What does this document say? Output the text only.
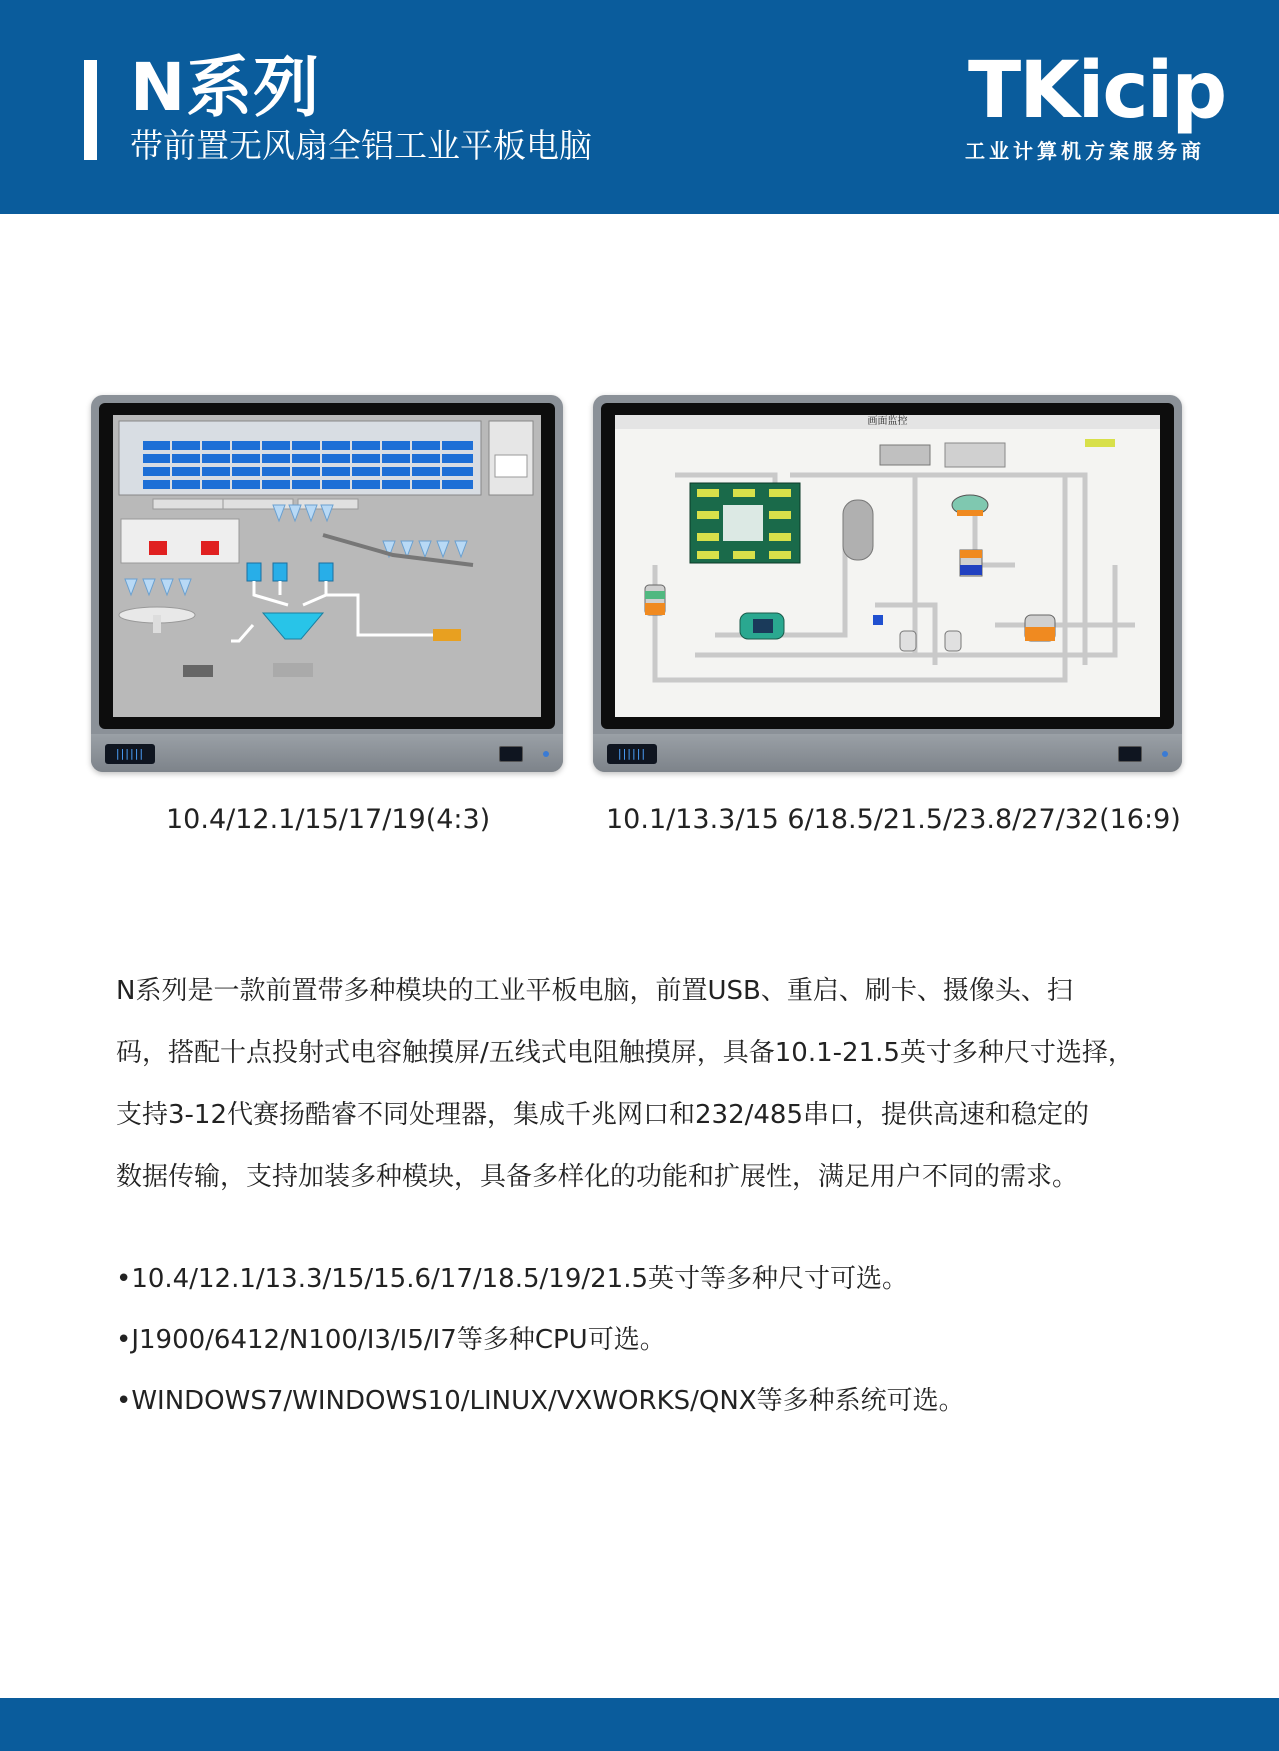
N系列
带前置无风扇全铝工业平板电脑
TKicip
工业计算机方案服务商
||||||
画面监控
||||||
10.4/12.1/15/17/19(4:3)	10.1/13.3/15 6/18.5/21.5/23.8/27/32(16:9)

N系列是一款前置带多种模块的工业平板电脑，前置USB、重启、刷卡、摄像头、扫

码，搭配十点投射式电容触摸屏/五线式电阻触摸屏，具备10.1-21.5英寸多种尺寸选择，

支持3-12代赛扬酷睿不同处理器，集成千兆网口和232/485串口，提供高速和稳定的

数据传输，支持加装多种模块，具备多样化的功能和扩展性，满足用户不同的需求。

•10.4/12.1/13.3/15/15.6/17/18.5/19/21.5英寸等多种尺寸可选。
•J1900/6412/N100/I3/I5/I7等多种CPU可选。
•WINDOWS7/WINDOWS10/LINUX/VXWORKS/QNX等多种系统可选。
